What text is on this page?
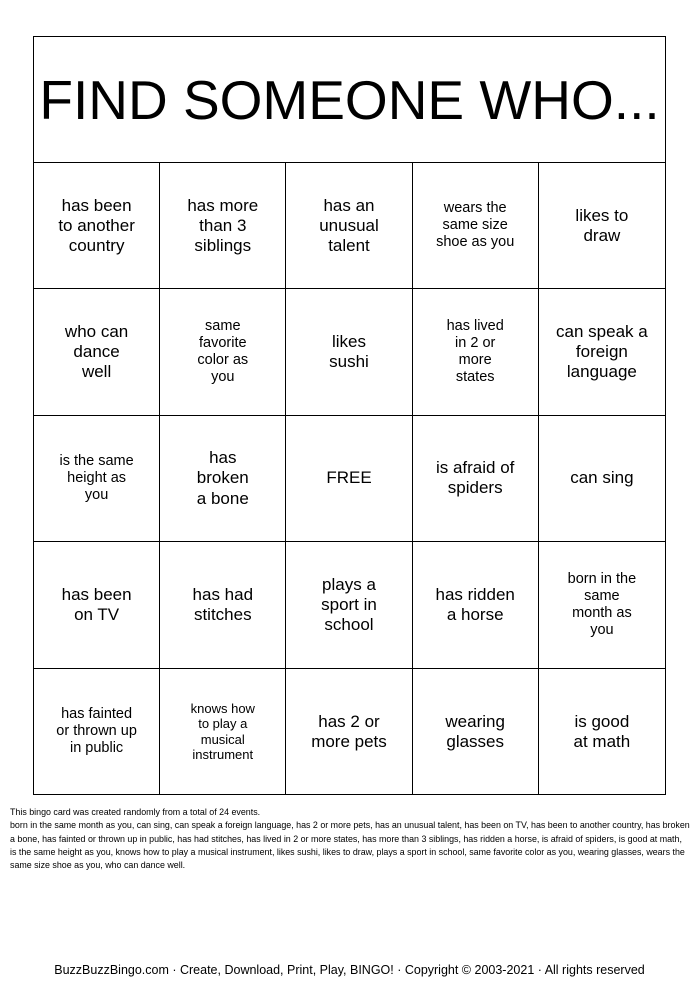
FIND SOMEONE WHO...
has been to another country
has more than 3 siblings
has an unusual talent
wears the same size shoe as you
likes to draw
who can dance well
same favorite color as you
likes sushi
has lived in 2 or more states
can speak a foreign language
is the same height as you
has broken a bone
FREE
is afraid of spiders
can sing
has been on TV
has had stitches
plays a sport in school
has ridden a horse
born in the same month as you
has fainted or thrown up in public
knows how to play a musical instrument
has 2 or more pets
wearing glasses
is good at math
This bingo card was created randomly from a total of 24 events.
born in the same month as you, can sing, can speak a foreign language, has 2 or more pets, has an unusual talent, has been on TV, has been to another country, has broken a bone, has fainted or thrown up in public, has had stitches, has lived in 2 or more states, has more than 3 siblings, has ridden a horse, is afraid of spiders, is good at math, is the same height as you, knows how to play a musical instrument, likes sushi, likes to draw, plays a sport in school, same favorite color as you, wearing glasses, wears the same size shoe as you, who can dance well.
BuzzBuzzBingo.com · Create, Download, Print, Play, BINGO! · Copyright © 2003-2021 · All rights reserved
